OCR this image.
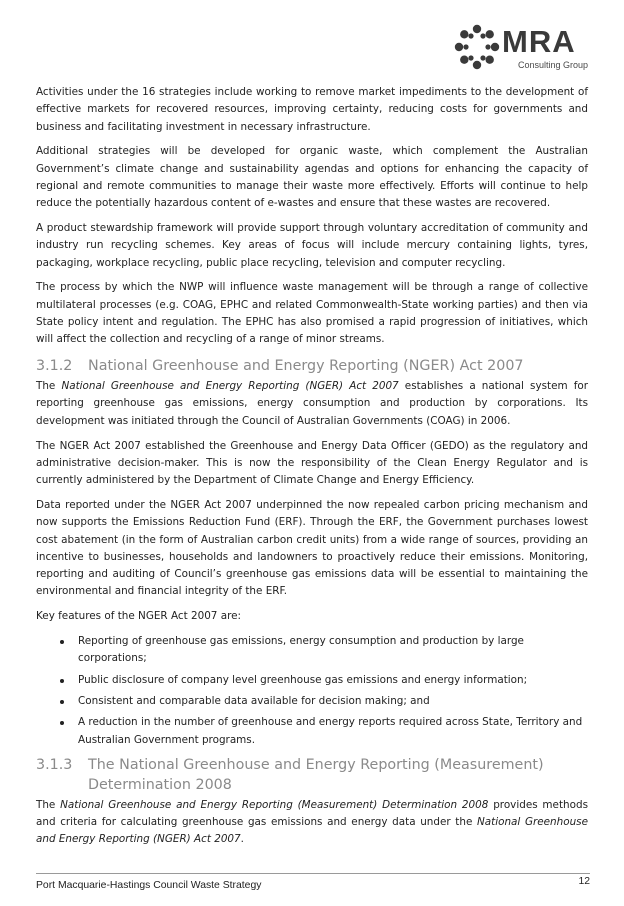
MRA
Consulting Group

Activities under the 16 strategies include working to remove market impediments to the development of effective markets for recovered resources, improving certainty, reducing costs for governments and business and facilitating investment in necessary infrastructure.

Additional strategies will be developed for organic waste, which complement the Australian Government’s climate change and sustainability agendas and options for enhancing the capacity of regional and remote communities to manage their waste more effectively. Efforts will continue to help reduce the potentially hazardous content of e-wastes and ensure that these wastes are recovered.

A product stewardship framework will provide support through voluntary accreditation of community and industry run recycling schemes. Key areas of focus will include mercury containing lights, tyres, packaging, workplace recycling, public place recycling, television and computer recycling.

The process by which the NWP will influence waste management will be through a range of collective multilateral processes (e.g. COAG, EPHC and related Commonwealth-State working parties) and then via State policy intent and regulation. The EPHC has also promised a rapid progression of initiatives, which will affect the collection and recycling of a range of minor streams.

3.1.2	National Greenhouse and Energy Reporting (NGER) Act 2007

The National Greenhouse and Energy Reporting (NGER) Act 2007 establishes a national system for reporting greenhouse gas emissions, energy consumption and production by corporations. Its development was initiated through the Council of Australian Governments (COAG) in 2006.

The NGER Act 2007 established the Greenhouse and Energy Data Officer (GEDO) as the regulatory and administrative decision-maker. This is now the responsibility of the Clean Energy Regulator and is currently administered by the Department of Climate Change and Energy Efficiency.

Data reported under the NGER Act 2007 underpinned the now repealed carbon pricing mechanism and now supports the Emissions Reduction Fund (ERF). Through the ERF, the Government purchases lowest cost abatement (in the form of Australian carbon credit units) from a wide range of sources, providing an incentive to businesses, households and landowners to proactively reduce their emissions. Monitoring, reporting and auditing of Council’s greenhouse gas emissions data will be essential to maintaining the environmental and financial integrity of the ERF.

Key features of the NGER Act 2007 are:

Reporting of greenhouse gas emissions, energy consumption and production by large corporations;
Public disclosure of company level greenhouse gas emissions and energy information;
Consistent and comparable data available for decision making; and
A reduction in the number of greenhouse and energy reports required across State, Territory and Australian Government programs.
3.1.3	The National Greenhouse and Energy Reporting (Measurement) Determination 2008

The National Greenhouse and Energy Reporting (Measurement) Determination 2008 provides methods and criteria for calculating greenhouse gas emissions and energy data under the National Greenhouse and Energy Reporting (NGER) Act 2007.

Port Macquarie-Hastings Council Waste Strategy	12
